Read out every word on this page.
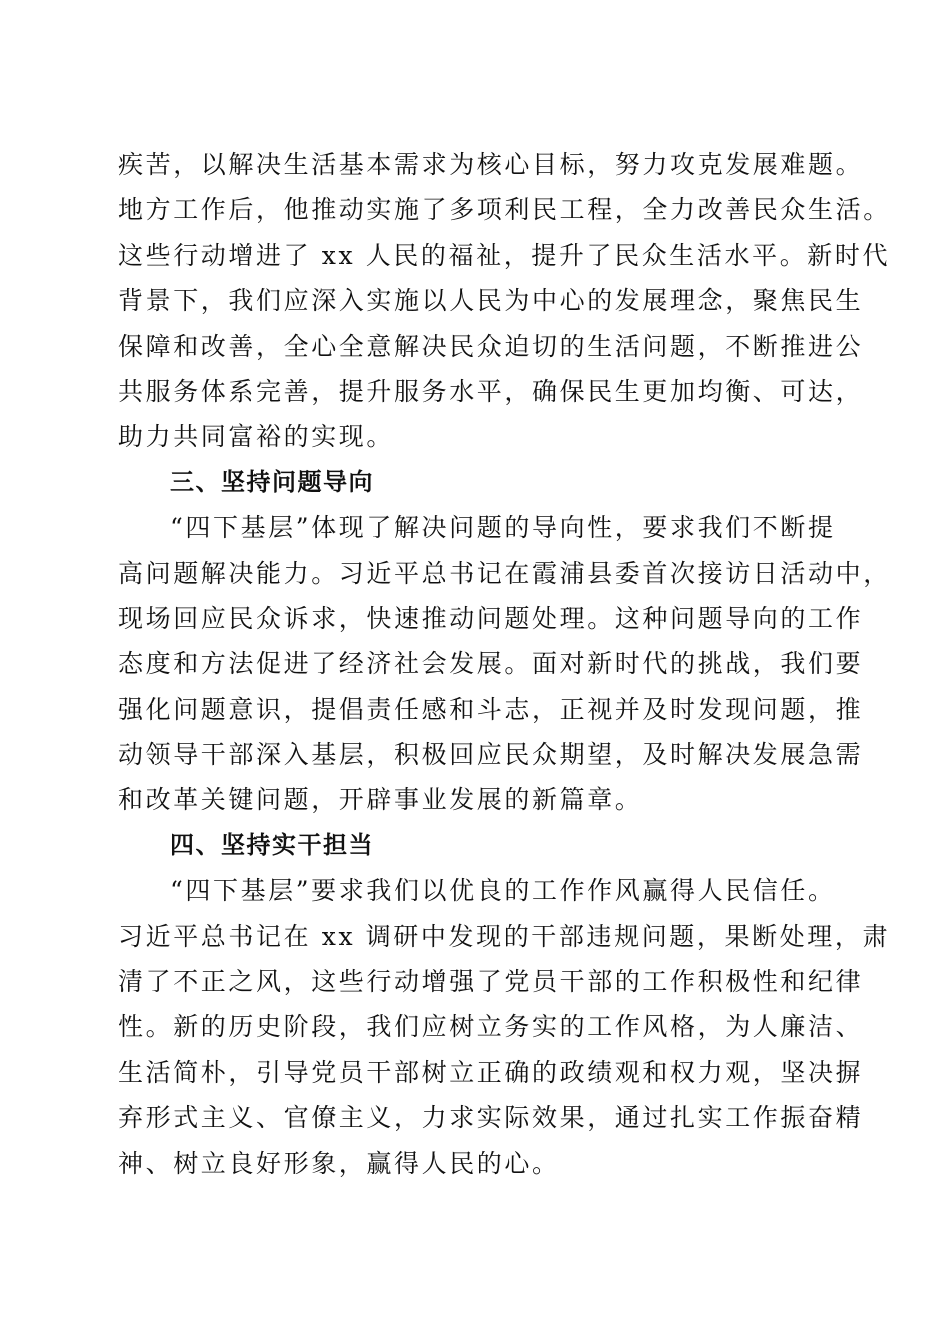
疾苦，以解决生活基本需求为核心目标，努力攻克发展难题。
地方工作后，他推动实施了多项利民工程，全力改善民众生活。
这些行动增进了 xx 人民的福祉，提升了民众生活水平。新时代
背景下，我们应深入实施以人民为中心的发展理念，聚焦民生
保障和改善，全心全意解决民众迫切的生活问题，不断推进公
共服务体系完善，提升服务水平，确保民生更加均衡、可达，
助力共同富裕的实现。
三、坚持问题导向
“四下基层”体现了解决问题的导向性，要求我们不断提
高问题解决能力。习近平总书记在霞浦县委首次接访日活动中，
现场回应民众诉求，快速推动问题处理。这种问题导向的工作
态度和方法促进了经济社会发展。面对新时代的挑战，我们要
强化问题意识，提倡责任感和斗志，正视并及时发现问题，推
动领导干部深入基层，积极回应民众期望，及时解决发展急需
和改革关键问题，开辟事业发展的新篇章。
四、坚持实干担当
“四下基层”要求我们以优良的工作作风赢得人民信任。
习近平总书记在 xx 调研中发现的干部违规问题，果断处理，肃
清了不正之风，这些行动增强了党员干部的工作积极性和纪律
性。新的历史阶段，我们应树立务实的工作风格，为人廉洁、
生活简朴，引导党员干部树立正确的政绩观和权力观，坚决摒
弃形式主义、官僚主义，力求实际效果，通过扎实工作振奋精
神、树立良好形象，赢得人民的心。
